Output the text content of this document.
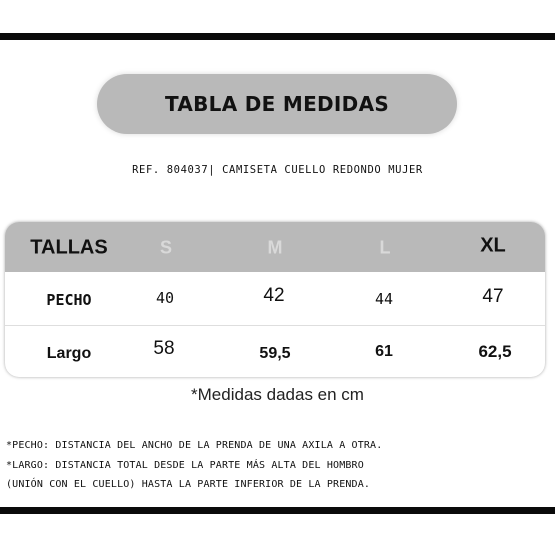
TABLA DE MEDIDAS
REF. 804037| CAMISETA CUELLO REDONDO MUJER
TALLAS	S	M	L	XL
PECHO	40	42	44	47
Largo	58	59,5	61	62,5
*Medidas dadas en cm
*PECHO: DISTANCIA DEL ANCHO DE LA PRENDA DE UNA AXILA A OTRA.
*LARGO: DISTANCIA TOTAL DESDE LA PARTE MÁS ALTA DEL HOMBRO
(UNIÓN CON EL CUELLO) HASTA LA PARTE INFERIOR DE LA PRENDA.
